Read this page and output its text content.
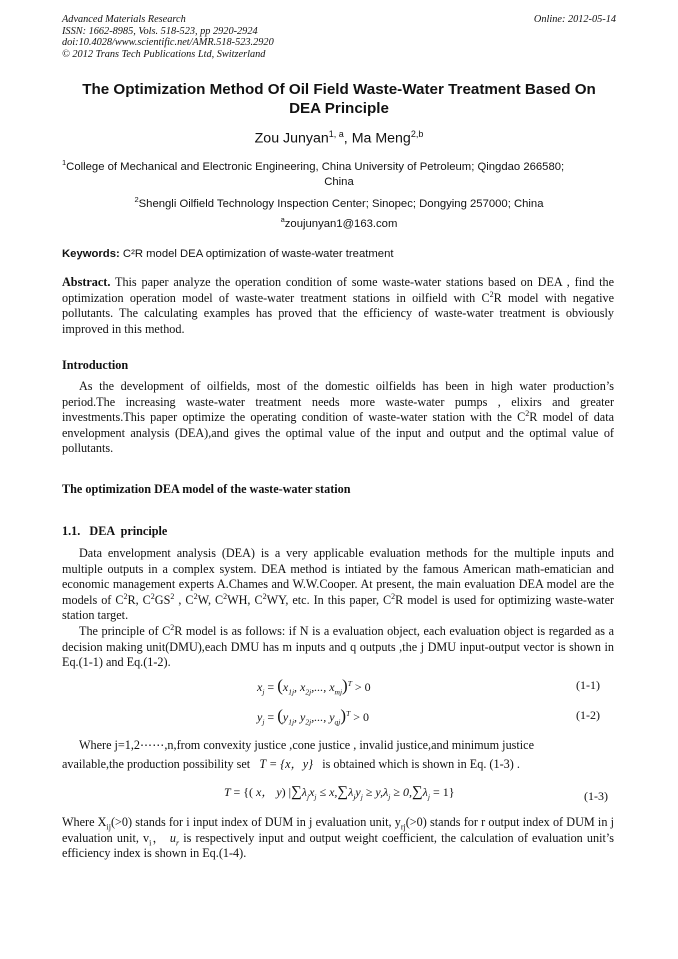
Advanced Materials Research
ISSN: 1662-8985, Vols. 518-523, pp 2920-2924
doi:10.4028/www.scientific.net/AMR.518-523.2920
© 2012 Trans Tech Publications Ltd, Switzerland
Online: 2012-05-14
The Optimization Method Of Oil Field Waste-Water Treatment Based On
DEA Principle
Zou Junyan$^{1, a}$, Ma Meng$^{2,b}$
$^1$College of Mechanical and Electronic Engineering, China University of Petroleum; Qingdao 266580;
China
$^2$Shengli Oilfield Technology Inspection Center; Sinopec; Dongying 257000; China
$^a$zoujunyan1@163.com
Keywords: C²R model DEA optimization of waste-water treatment
Abstract. This paper analyze the operation condition of some waste-water stations based on DEA , find the optimization operation model of waste-water treatment stations in oilfield with $C^2R$ model with negative pollutants. The calculating examples has proved that the efficiency of waste-water treatment is obviously improved in this method.
Introduction
As the development of oilfields, most of the domestic oilfields has been in high water production’s period.The increasing waste-water treatment needs more waste-water pumps , elixirs and greater investments.This paper optimize the operating condition of waste-water station with the $C^2R$ model of data envelopment analysis (DEA),and gives the optimal value of the input and output and the optimal value of pollutants.
The optimization DEA model of the waste-water station
1.1.   DEA  principle
Data envelopment analysis (DEA) is a very applicable evaluation methods for the multiple inputs and multiple outputs in a complex system. DEA method is intiated by the famous American math-ematician and economic management experts A.Chames and W.W.Cooper. At present, the main evaluation DEA model are the models of $C^2R$, $C^2GS^2$ , $C^2W$, $C^2WH$, $C^2WY$, etc. In this paper, $C^2R$ model is used for optimizing waste-water station target.
The principle of $C^2R$ model is as follows: if N is a evaluation object, each evaluation object is regarded as a decision making unit(DMU),each DMU has m inputs and q outputs ,the j DMU input-output vector is shown in Eq.(1-1) and Eq.(1-2).
$x_j = (x_{1j}$, $x_{2j}$,..., $x_{mj})^T > 0$	(1-1)
$y_j = (y_{1j}$, $y_{2j}$,..., $y_{qj})^T > 0$	(1-2)
Where j=1,2⋯⋯,n,from convexity justice ,cone justice , invalid justice,and minimum justice
available,the production possibility set T = {x，y} is obtained which is shown in Eq. (1-3) .
T = {( x， y) $|\sum\lambda_jx_j \le x,\sum\lambda_jy_j \ge y,\lambda_j \ge 0,\sum\lambda_j = 1$}	(1-3)
Where $X_{ij}(>0)$ stands for i input index of DUM in j evaluation unit, $y_{rj}(>0)$ stands for r output index of DUM in j evaluation unit, $v_i$， $u_r$ is respectively input and output weight coefficient, the calculation of evaluation unit’s efficiency index is shown in Eq.(1-4).
